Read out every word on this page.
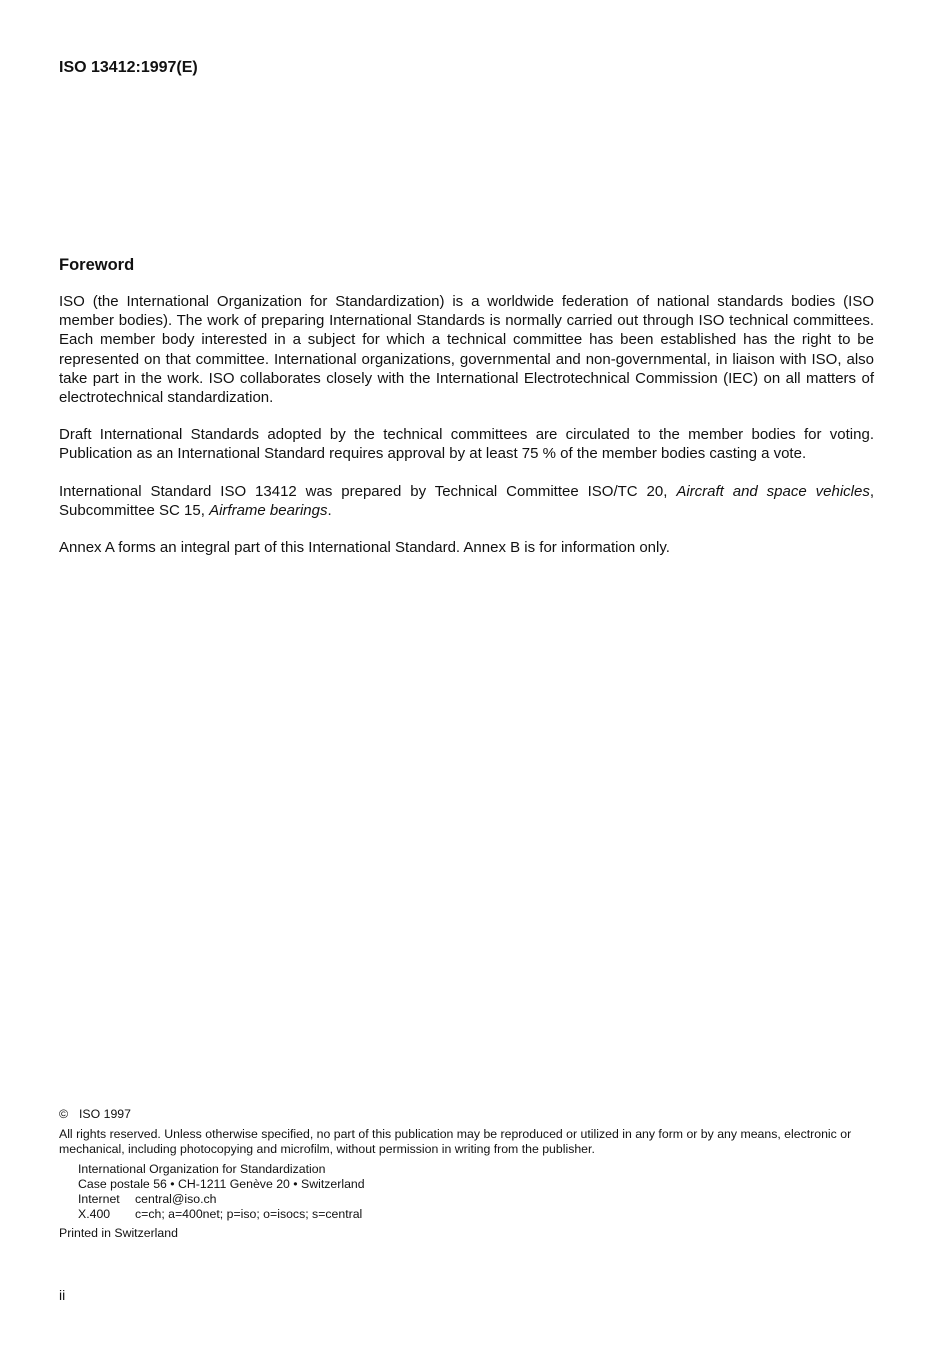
ISO 13412:1997(E)
Foreword

ISO (the International Organization for Standardization) is a worldwide federation of national standards bodies (ISO member bodies). The work of preparing International Standards is normally carried out through ISO technical committees. Each member body interested in a subject for which a technical committee has been established has the right to be represented on that committee. International organizations, governmental and non-governmental, in liaison with ISO, also take part in the work. ISO collaborates closely with the International Electrotechnical Commission (IEC) on all matters of electrotechnical standardization.

Draft International Standards adopted by the technical committees are circulated to the member bodies for voting. Publication as an International Standard requires approval by at least 75 % of the member bodies casting a vote.

International Standard ISO 13412 was prepared by Technical Committee ISO/TC 20, Aircraft and space vehicles, Subcommittee SC 15, Airframe bearings.

Annex A forms an integral part of this International Standard. Annex B is for information only.

© ISO 1997
All rights reserved. Unless otherwise specified, no part of this publication may be reproduced or utilized in any form or by any means, electronic or mechanical, including photocopying and microfilm, without permission in writing from the publisher.
International Organization for Standardization
Case postale 56 • CH-1211 Genève 20 • Switzerland
Internet central@iso.ch
X.400 c=ch; a=400net; p=iso; o=isocs; s=central
Printed in Switzerland
ii
